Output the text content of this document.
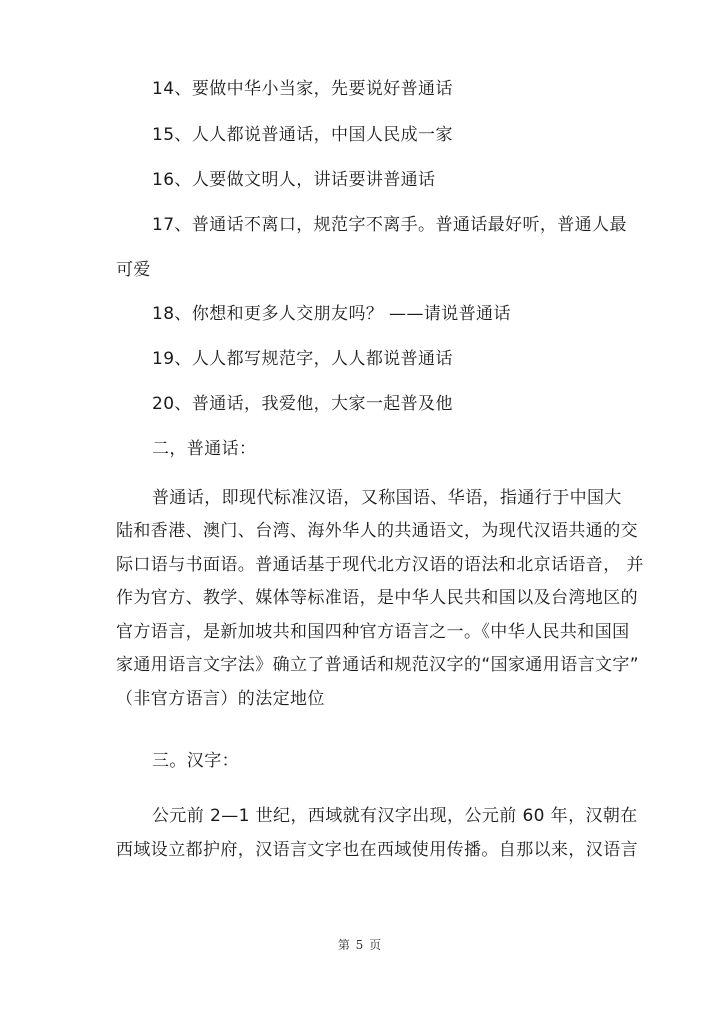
14、要做中华小当家，先要说好普通话
15、人人都说普通话，中国人民成一家
16、人要做文明人，讲话要讲普通话
17、普通话不离口，规范字不离手。普通话最好听，普通人最
可爱
18、你想和更多人交朋友吗？ ——请说普通话
19、人人都写规范字，人人都说普通话
20、普通话，我爱他，大家一起普及他
二，普通话：
普通话，即现代标准汉语，又称国语、华语，指通行于中国大
陆和香港、澳门、台湾、海外华人的共通语文，为现代汉语共通的交
际口语与书面语。普通话基于现代北方汉语的语法和北京话语音， 并
作为官方、教学、媒体等标准语，是中华人民共和国以及台湾地区的
官方语言，是新加坡共和国四种官方语言之一。《中华人民共和国国
家通用语言文字法》确立了普通话和规范汉字的“国家通用语言文字”
（非官方语言）的法定地位
三。汉字：
公元前 2—1 世纪，西域就有汉字出现，公元前 60 年，汉朝在
西域设立都护府，汉语言文字也在西域使用传播。自那以来，汉语言
第 5 页
